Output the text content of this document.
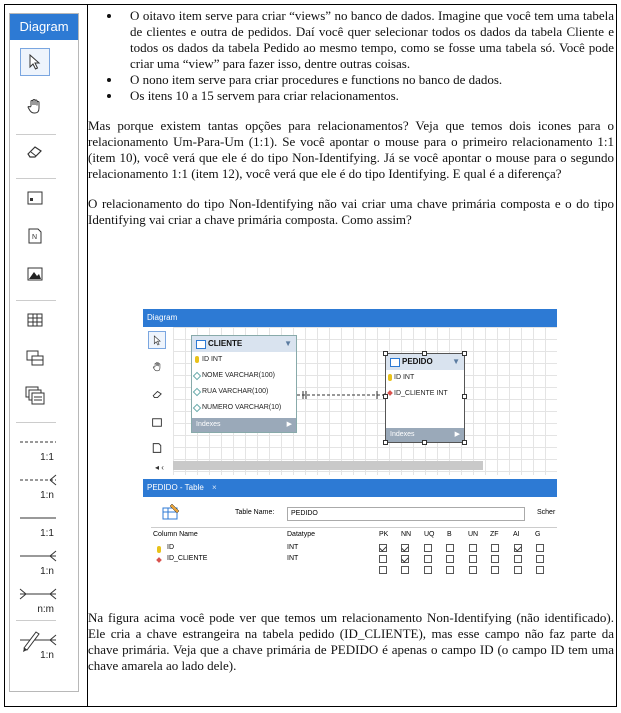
Diagram
N
1:1
1:n
1:1
1:n
n:m
1:n
• O oitavo item serve para criar “views” no banco de dados. Imagine que você tem uma tabela de clientes e outra de pedidos. Daí você quer selecionar todos os dados da tabela Cliente e todos os dados da tabela Pedido ao mesmo tempo, como se fosse uma tabela só. Você pode criar uma “view” para fazer isso, dentre outras coisas.
• O nono item serve para criar procedures e functions no banco de dados.
• Os itens 10 a 15 servem para criar relacionamentos.

Mas porque existem tantas opções para relacionamentos? Veja que temos dois icones para o relacionamento Um-Para-Um (1:1). Se você apontar o mouse para o primeiro relacionamento 1:1 (item 10), você verá que ele é do tipo Non-Identifying. Já se você apontar o mouse para o segundo relacionamento 1:1 (item 12), você verá que ele é do tipo Identifying. E qual é a diferença?

O relacionamento do tipo Non-Identifying não vai criar uma chave primária composta e o do tipo Identifying vai criar a chave primária composta. Como assim?

Diagram
◂ ‹
CLIENTE	▼
ID INT
NOME VARCHAR(100)
RUA VARCHAR(100)
NUMERO VARCHAR(10)
Indexes	▶
PEDIDO ▼
ID INT
ID_CLIENTE INT
Indexes	▶
PEDIDO - Table ×
Table Name:	PEDIDO	Scher
Column Name	Datatype	PK NN UQ B UN ZF AI G
ID	INT
ID_CLIENTE	INT

Na figura acima você pode ver que temos um relacionamento Non-Identifying (não identificado). Ele cria a chave estrangeira na tabela pedido (ID_CLIENTE), mas esse campo não faz parte da chave primária. Veja que a chave primária de PEDIDO é apenas o campo ID (o campo ID tem uma chave amarela ao lado dele).
